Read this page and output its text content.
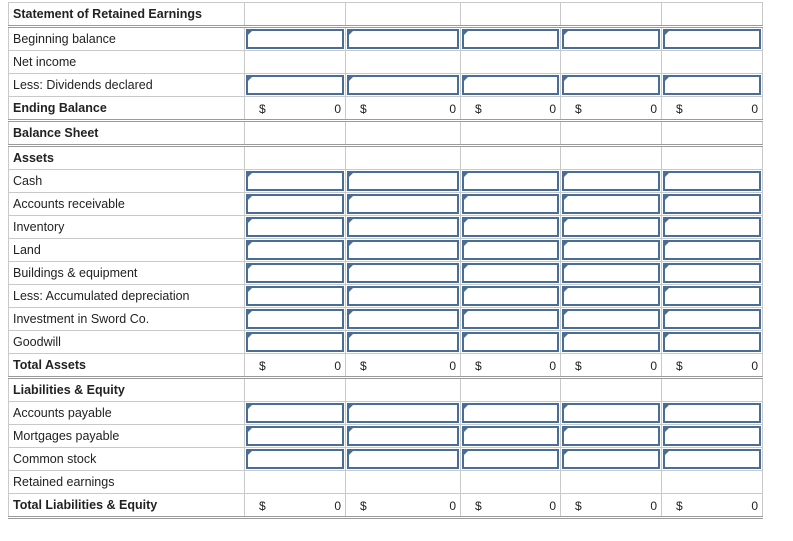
Statement of Retained Earnings					
Beginning balance	

Net income					
Less: Dividends declared	

Ending Balance	$ 0	$ 0	$ 0	$ 0	$ 0

Balance Sheet					
Assets					
Cash	

Accounts receivable	

Inventory	

Land	

Buildings & equipment	

Less: Accumulated depreciation	

Investment in Sword Co.	

Goodwill	

Total Assets	$ 0	$ 0	$ 0	$ 0	$ 0

Liabilities & Equity					
Accounts payable	

Mortgages payable	

Common stock	

Retained earnings					
Total Liabilities & Equity	$ 0	$ 0	$ 0	$ 0	$ 0
